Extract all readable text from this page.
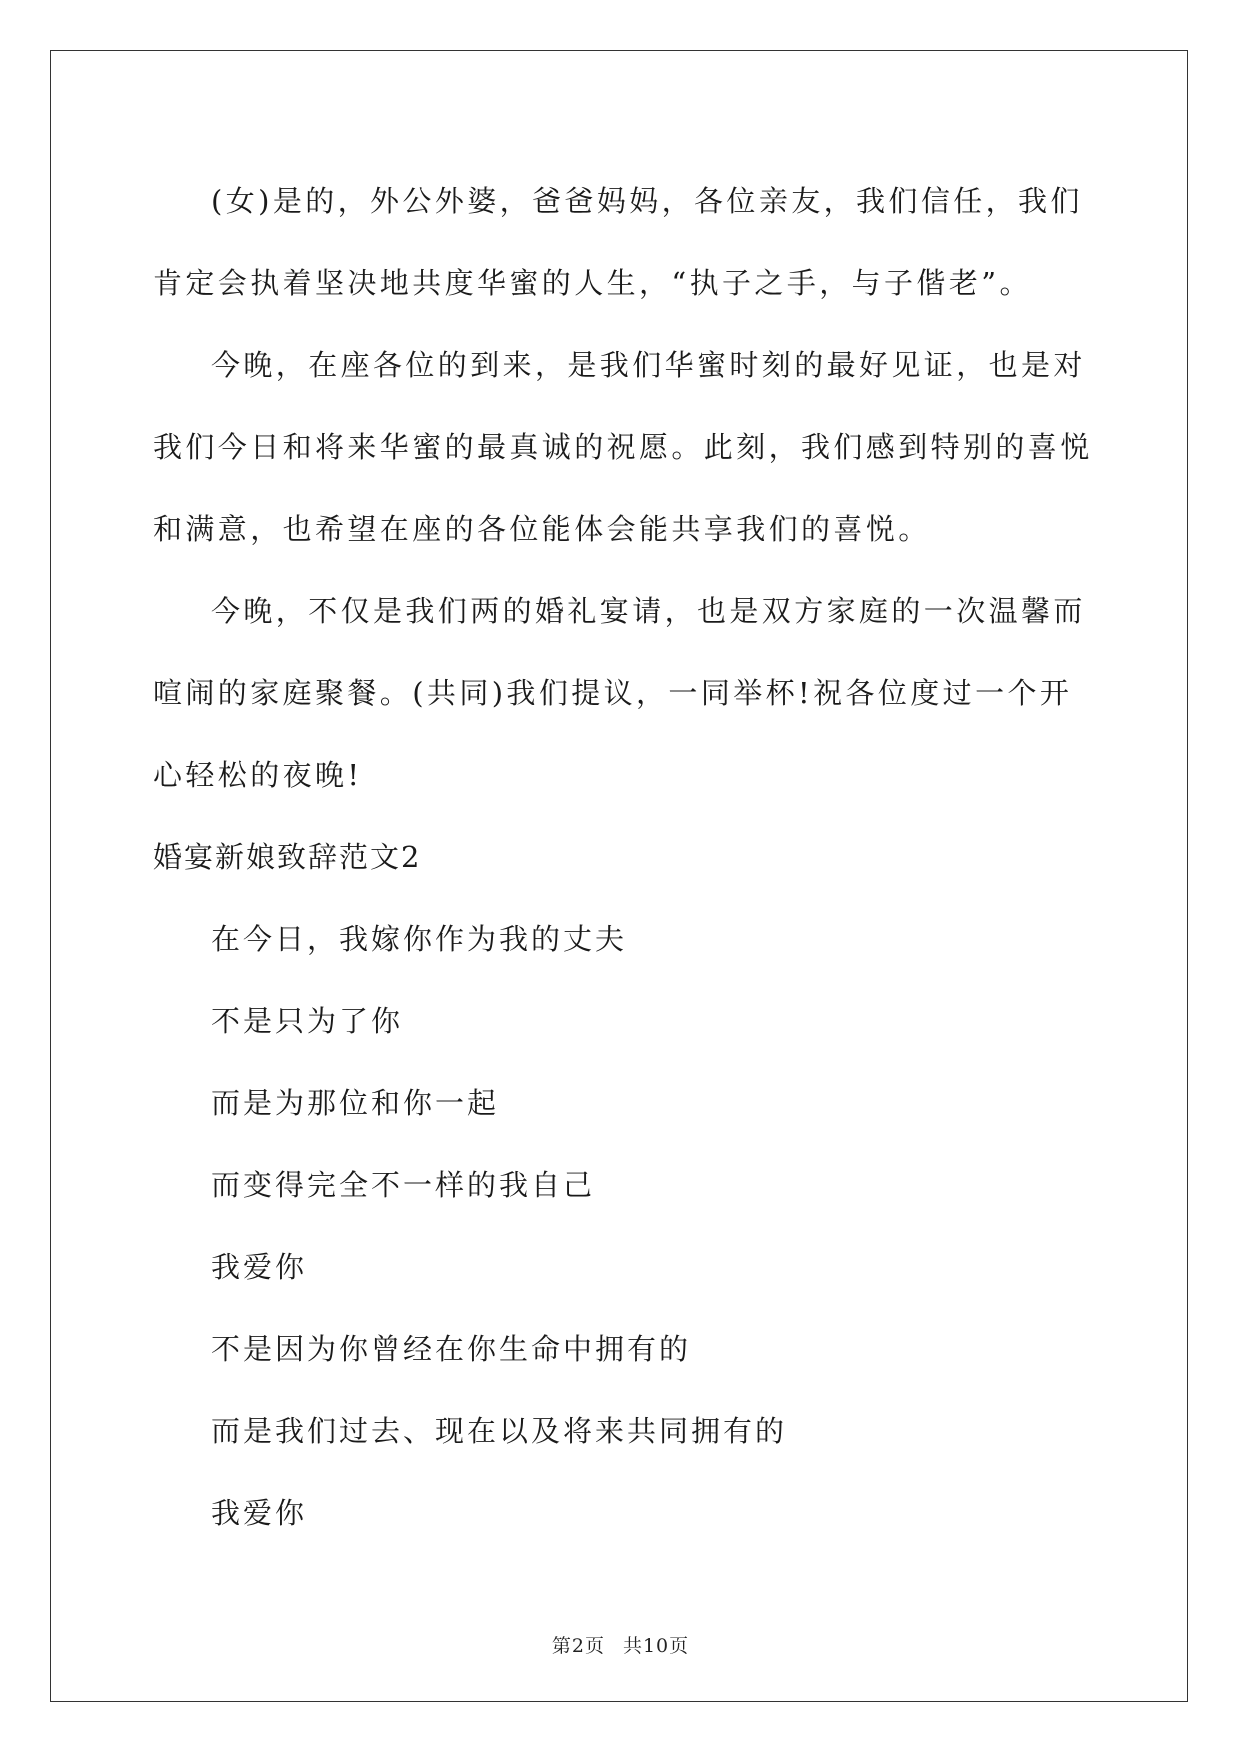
(女)是的，外公外婆，爸爸妈妈，各位亲友，我们信任，我们肯定会执着坚决地共度华蜜的人生，“执子之手，与子偕老”。

今晚，在座各位的到来，是我们华蜜时刻的最好见证，也是对我们今日和将来华蜜的最真诚的祝愿。此刻，我们感到特别的喜悦和满意，也希望在座的各位能体会能共享我们的喜悦。

今晚，不仅是我们两的婚礼宴请，也是双方家庭的一次温馨而喧闹的家庭聚餐。(共同)我们提议，一同举杯!祝各位度过一个开心轻松的夜晚!

婚宴新娘致辞范文2

在今日，我嫁你作为我的丈夫

不是只为了你

而是为那位和你一起

而变得完全不一样的我自己

我爱你

不是因为你曾经在你生命中拥有的

而是我们过去、现在以及将来共同拥有的

我爱你

第2页 共10页
